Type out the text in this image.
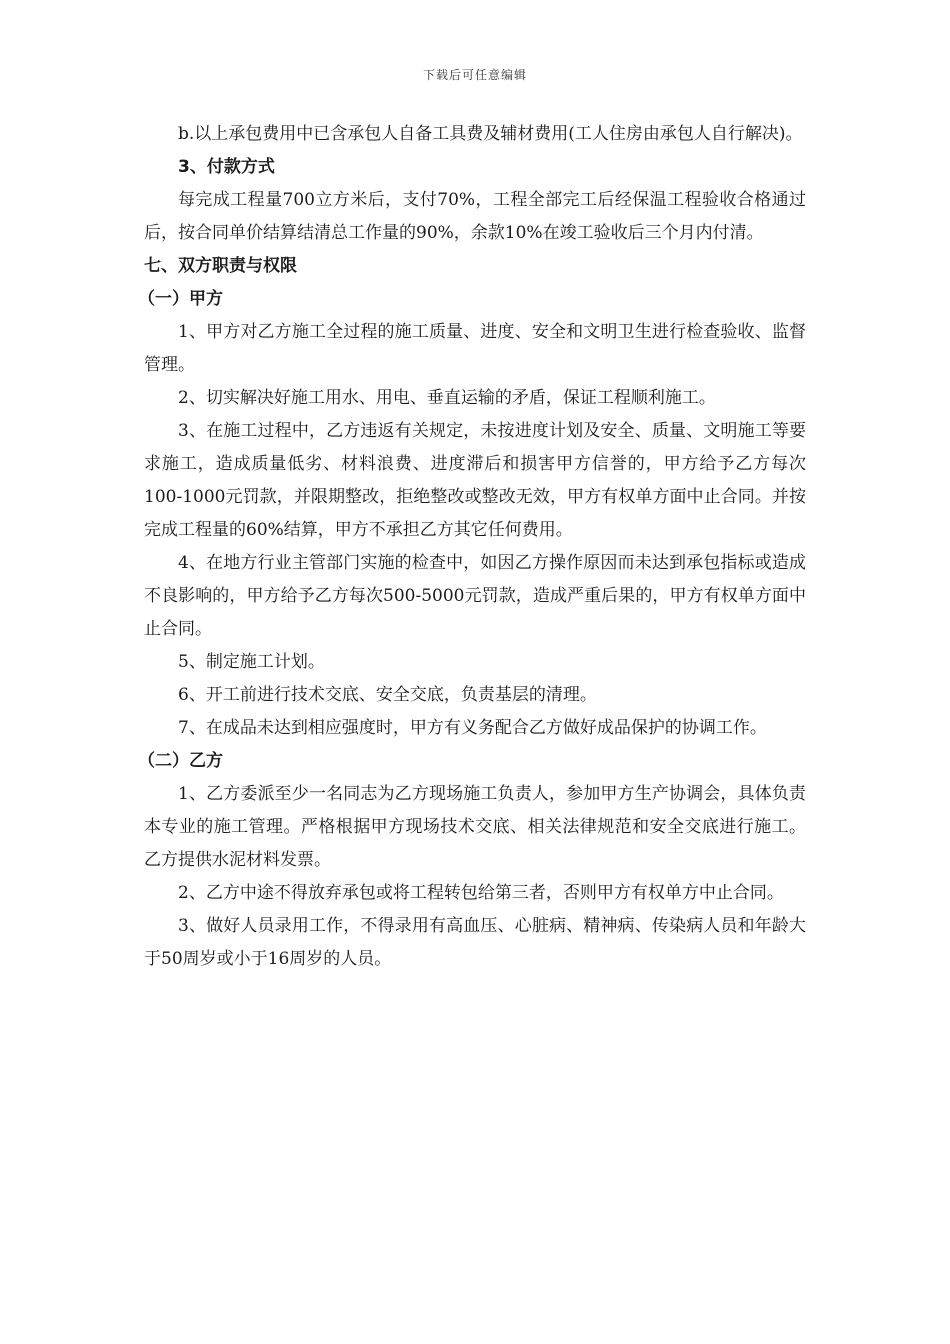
下载后可任意编辑

b.以上承包费用中已含承包人自备工具费及辅材费用(工人住房由承包人自行解决)。

3、付款方式

每完成工程量700立方米后，支付70%，工程全部完工后经保温工程验收合格通过后，按合同单价结算结清总工作量的90%，余款10%在竣工验收后三个月内付清。

七、双方职责与权限

（一）甲方

1、甲方对乙方施工全过程的施工质量、进度、安全和文明卫生进行检查验收、监督管理。

2、切实解决好施工用水、用电、垂直运输的矛盾，保证工程顺利施工。

3、在施工过程中，乙方违返有关规定，未按进度计划及安全、质量、文明施工等要求施工，造成质量低劣、材料浪费、进度滞后和损害甲方信誉的，甲方给予乙方每次100-1000元罚款，并限期整改，拒绝整改或整改无效，甲方有权单方面中止合同。并按完成工程量的60%结算，甲方不承担乙方其它任何费用。

4、在地方行业主管部门实施的检查中，如因乙方操作原因而未达到承包指标或造成不良影响的，甲方给予乙方每次500-5000元罚款，造成严重后果的，甲方有权单方面中止合同。

5、制定施工计划。

6、开工前进行技术交底、安全交底，负责基层的清理。

7、在成品未达到相应强度时，甲方有义务配合乙方做好成品保护的协调工作。

（二）乙方

1、乙方委派至少一名同志为乙方现场施工负责人，参加甲方生产协调会，具体负责本专业的施工管理。严格根据甲方现场技术交底、相关法律规范和安全交底进行施工。乙方提供水泥材料发票。

2、乙方中途不得放弃承包或将工程转包给第三者，否则甲方有权单方中止合同。

3、做好人员录用工作，不得录用有高血压、心脏病、精神病、传染病人员和年龄大于50周岁或小于16周岁的人员。
